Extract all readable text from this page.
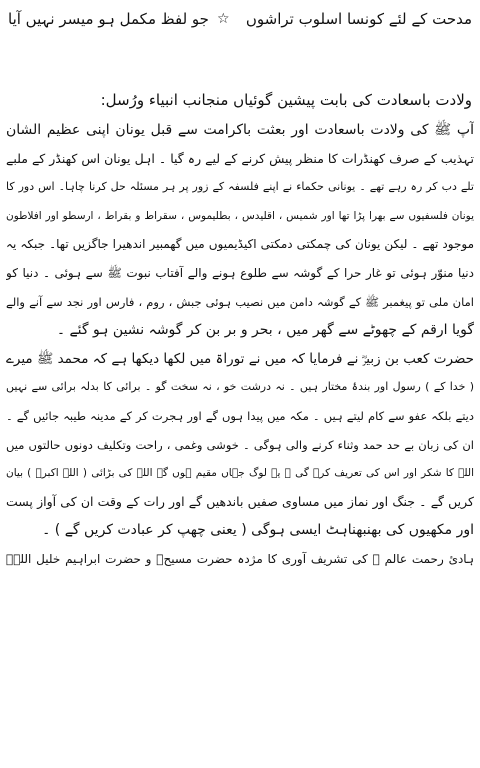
مدحت کے لئے کونسا اسلوب تراشوں
☆
جو لفظ مکمل ہو میسر نہیں آیا
ولادت باسعادت کی بابت پیشین گوئیاں منجانب انبیاء ورُسل:
آپ ﷺ کی ولادت باسعادت اور بعثت باکرامت سے قبل یونان اپنی عظیم الشان
تہذیب کے صرف کھنڈرات کا منظر پیش کرنے کے لیے رہ گیا ۔ اہل یونان اس کھنڈر کے ملبے
تلے دب کر رہ رہے تھے ۔ یونانی حکماء نے اپنے فلسفہ کے زور پر ہر مسئلہ حل کرنا چاہا۔ اس دور کا
یونان فلسفیوں سے بھرا پڑا تھا اور شمیس ، اقلیدس ، بطلیموس ، سقراط و بقراط ، ارسطو اور افلاطون
موجود تھے ۔ لیکن یونان کی چمکتی دمکتی اکیڈیمیوں میں گھمبیر اندھیرا جاگزیں تھا۔ جبکہ یہ
دنیا منوّر ہوئی تو غار حرا کے گوشہ سے طلوع ہونے والے آفتاب نبوت ﷺ سے ہوئی ۔ دنیا کو
امان ملی تو پیغمبر ﷺ کے گوشہ دامن میں نصیب ہوئی جبش ، روم ، فارس اور نجد سے آنے والے
گویا ارقم کے چھوٹے سے گھر میں ، بحر و بر بن کر گوشہ نشین ہو گئے ۔
حضرت کعب بن زبیرؓ نے فرمایا کہ میں نے توراۃ میں لکھا دیکھا ہے کہ محمد ﷺ میرے
( خدا کے ) رسول اور بندۂ مختار ہیں ۔ نہ درشت خو ، نہ سخت گو ۔ برائی کا بدلہ برائی سے نہیں
دیتے بلکہ عفو سے کام لیتے ہیں ۔ مکہ میں پیدا ہوں گے اور ہجرت کر کے مدینہ طیبہ جائیں گے ۔
ان کی زبان بے حد حمد وثناء کرنے والی ہوگی ۔ خوشی وغمی ، راحت وتکلیف دونوں حالتوں میں
اللہ کا شکر اور اس کی تعریف کرے گی ۔ یہ لوگ جہاں مقیم ہوں گے اللہ کی بڑائی ( اللہ اکبرؔ ) بیان
کریں گے ۔ جنگ اور نماز میں مساوی صفیں باندھیں گے اور رات کے وقت ان کی آواز پست
اور مکھیوں کی بھنبھناہٹ ایسی ہوگی ( یعنی چھپ کر عبادت کریں گے ) ۔
ہادیٔ رحمت عالم ﷺ کی تشریف آوری کا مژدہ حضرت مسیحؑ و حضرت ابراہیم خلیل اللہؑ
